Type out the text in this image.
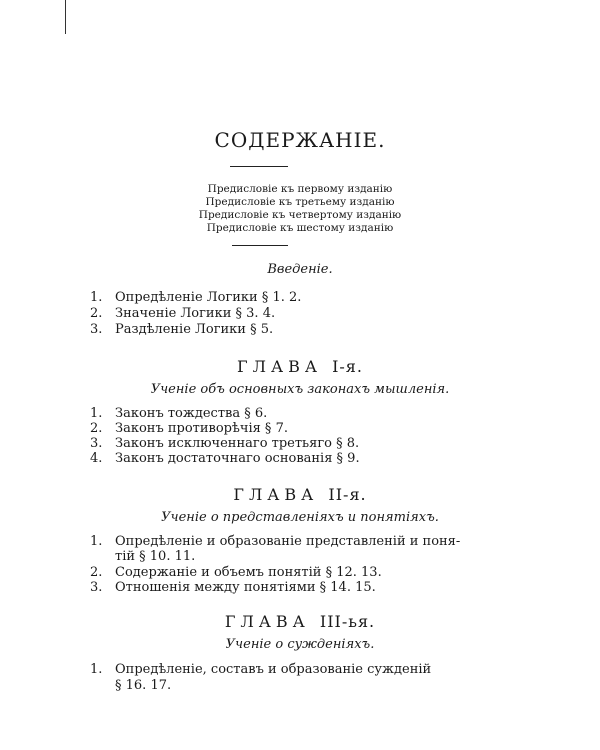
СОДЕРЖАНІЕ.
Предисловіе къ первому изданію
Предисловіе къ третьему изданію
Предисловіе къ четвертому изданію
Предисловіе къ шестому изданію
Введеніе.
1. Опредѣленіе Логики § 1. 2.
2. Значеніе Логики § 3. 4.
3. Раздѣленіе Логики § 5.
ГЛАВА I-я.
Ученіе объ основныхъ законахъ мышленія.
1. Законъ тождества § 6.
2. Законъ противорѣчія § 7.
3. Законъ исключеннаго третьяго § 8.
4. Законъ достаточнаго основанія § 9.
ГЛАВА II-я.
Ученіе о представленіяхъ и понятіяхъ.
1. Опредѣленіе и образованіе представленій и поня-
тій § 10. 11.
2. Содержаніе и объемъ понятій § 12. 13.
3. Отношенія между понятіями § 14. 15.
ГЛАВА III-ья.
Ученіе о сужденіяхъ.
1. Опредѣленіе, составъ и образованіе сужденій
§ 16. 17.
